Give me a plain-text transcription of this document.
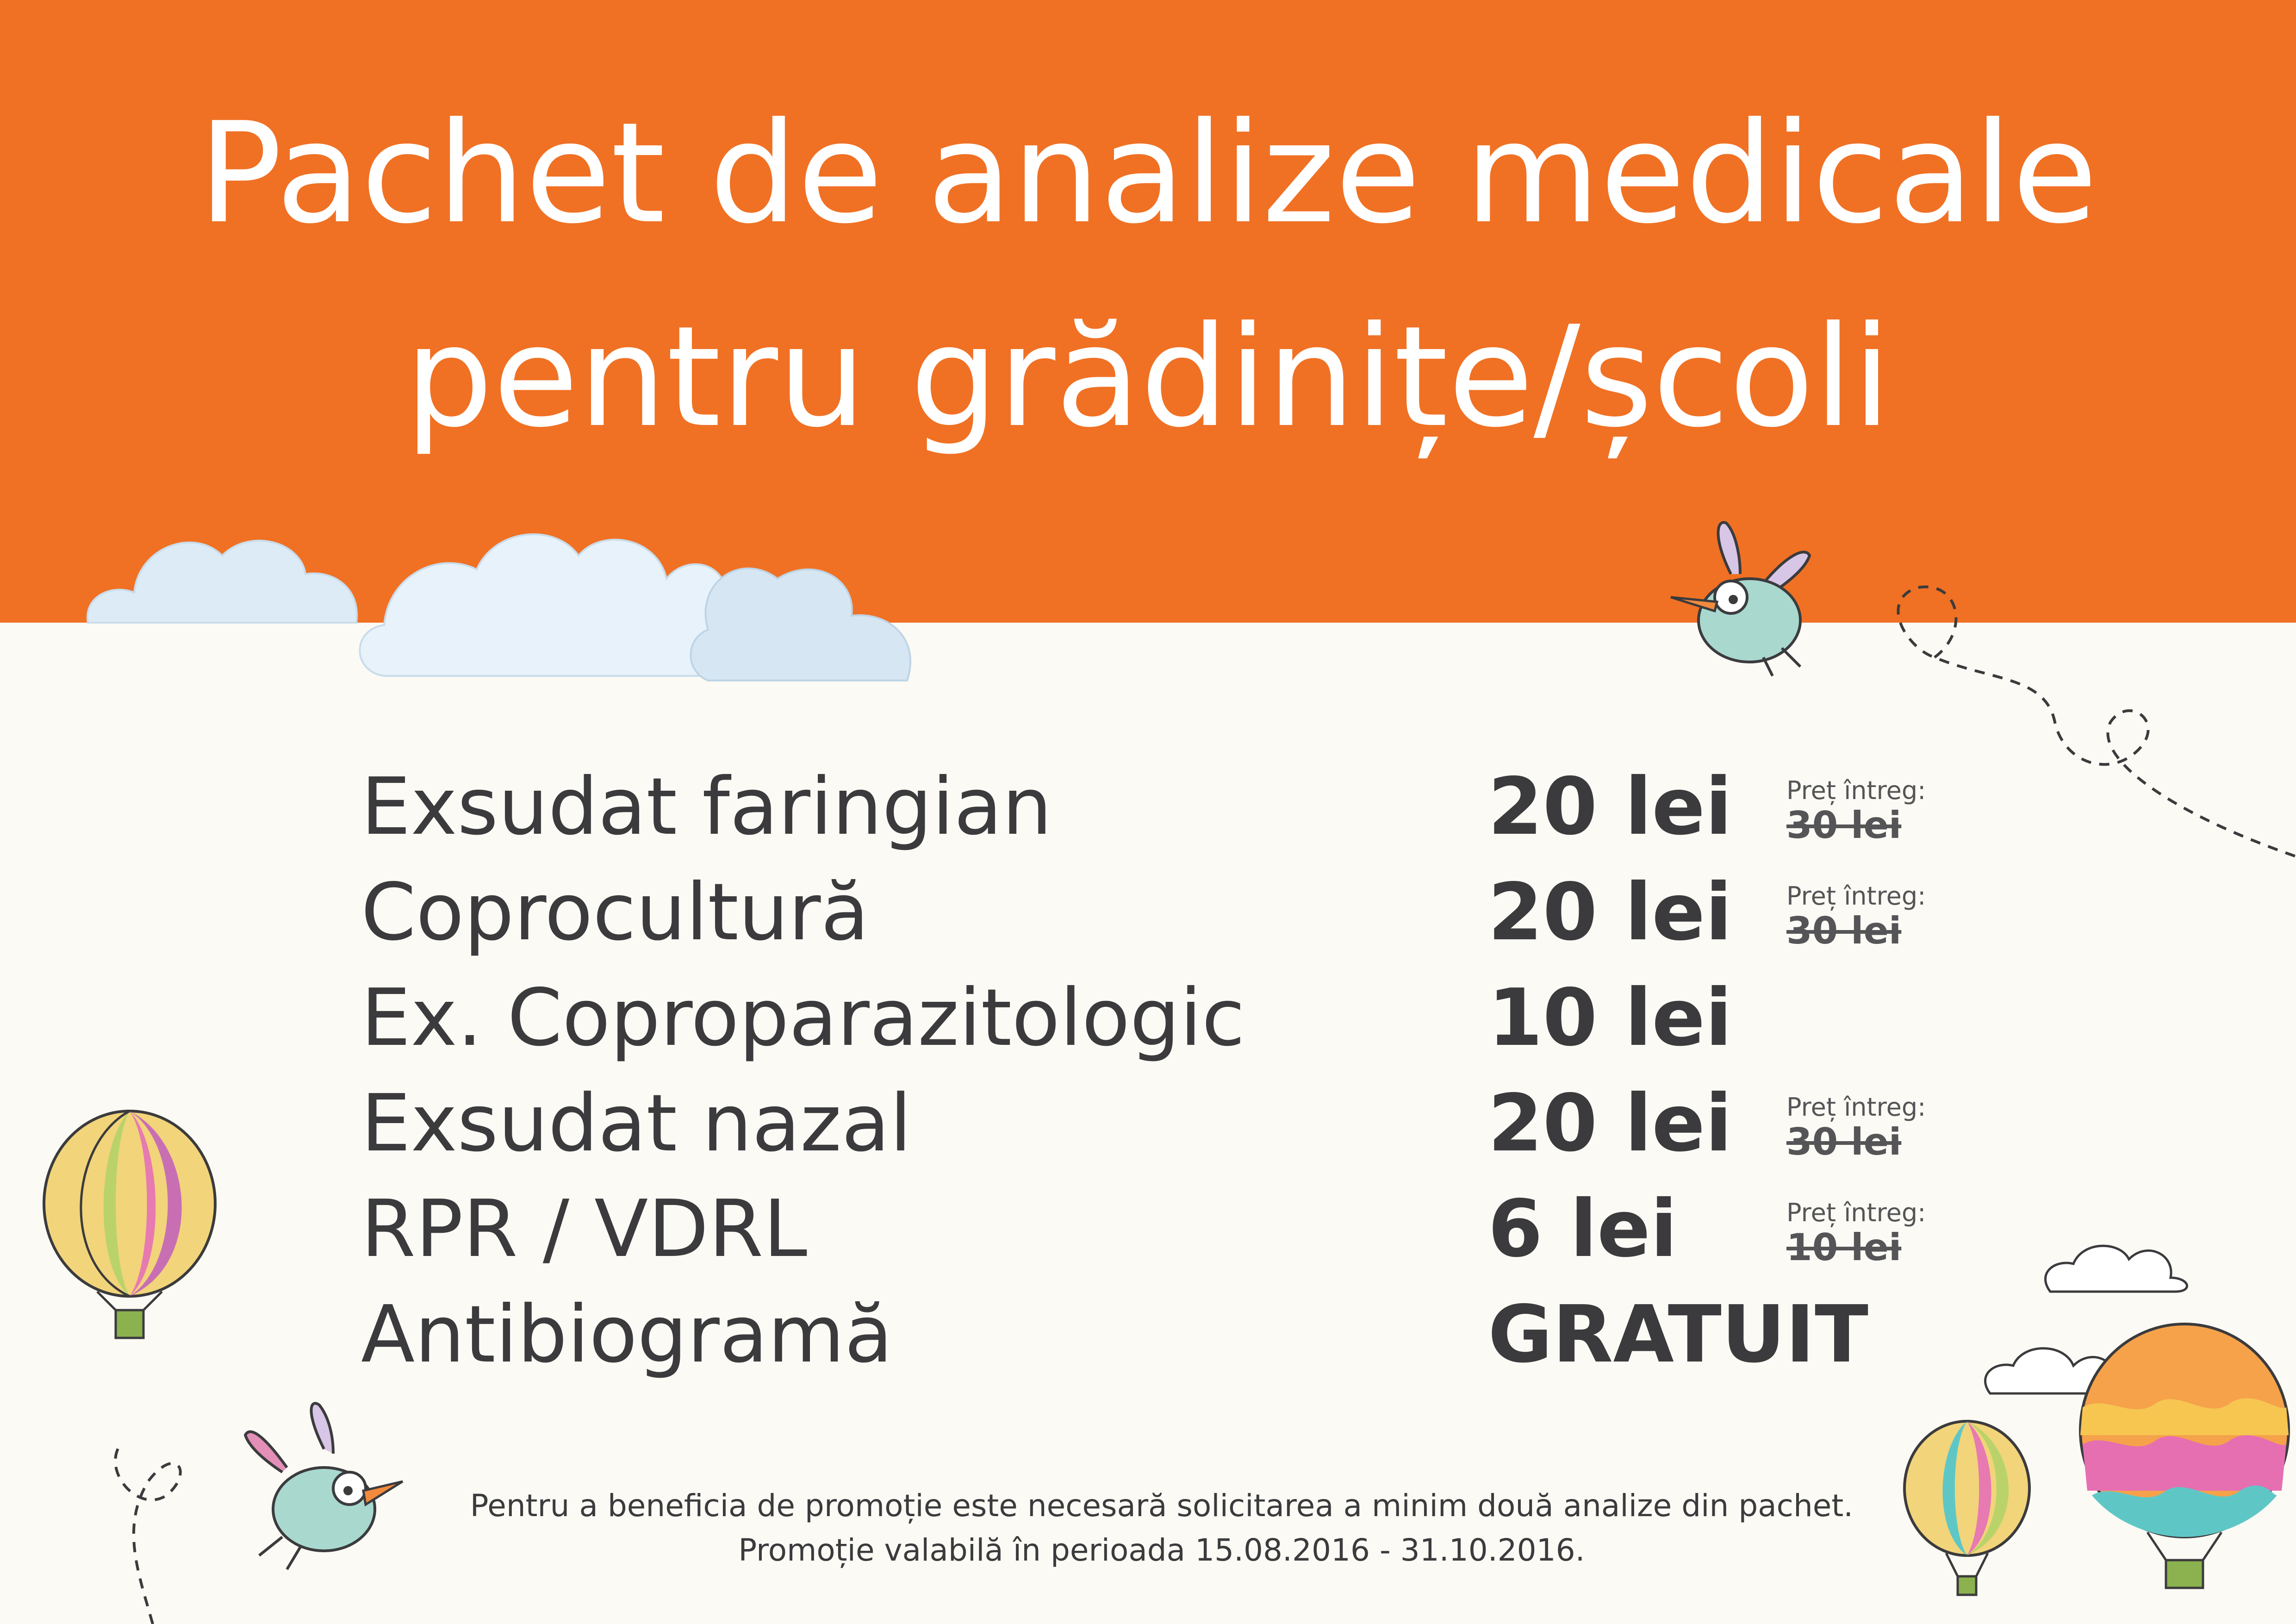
Pachet de analize medicale
pentru grădinițe/școli
Exsudat faringian	20 lei Preț întreg:
30 lei
Coprocultură	20 lei Preț întreg:
30 lei
Ex. Coproparazitologic	10 lei
Exsudat nazal	20 lei Preț întreg:
30 lei
RPR / VDRL	6 lei	Preț întreg:
10 lei
Antibiogramă	GRATUIT
Pentru a beneficia de promoție este necesară solicitarea a minim două analize din pachet.
Promoție valabilă în perioada 15.08.2016 - 31.10.2016.
